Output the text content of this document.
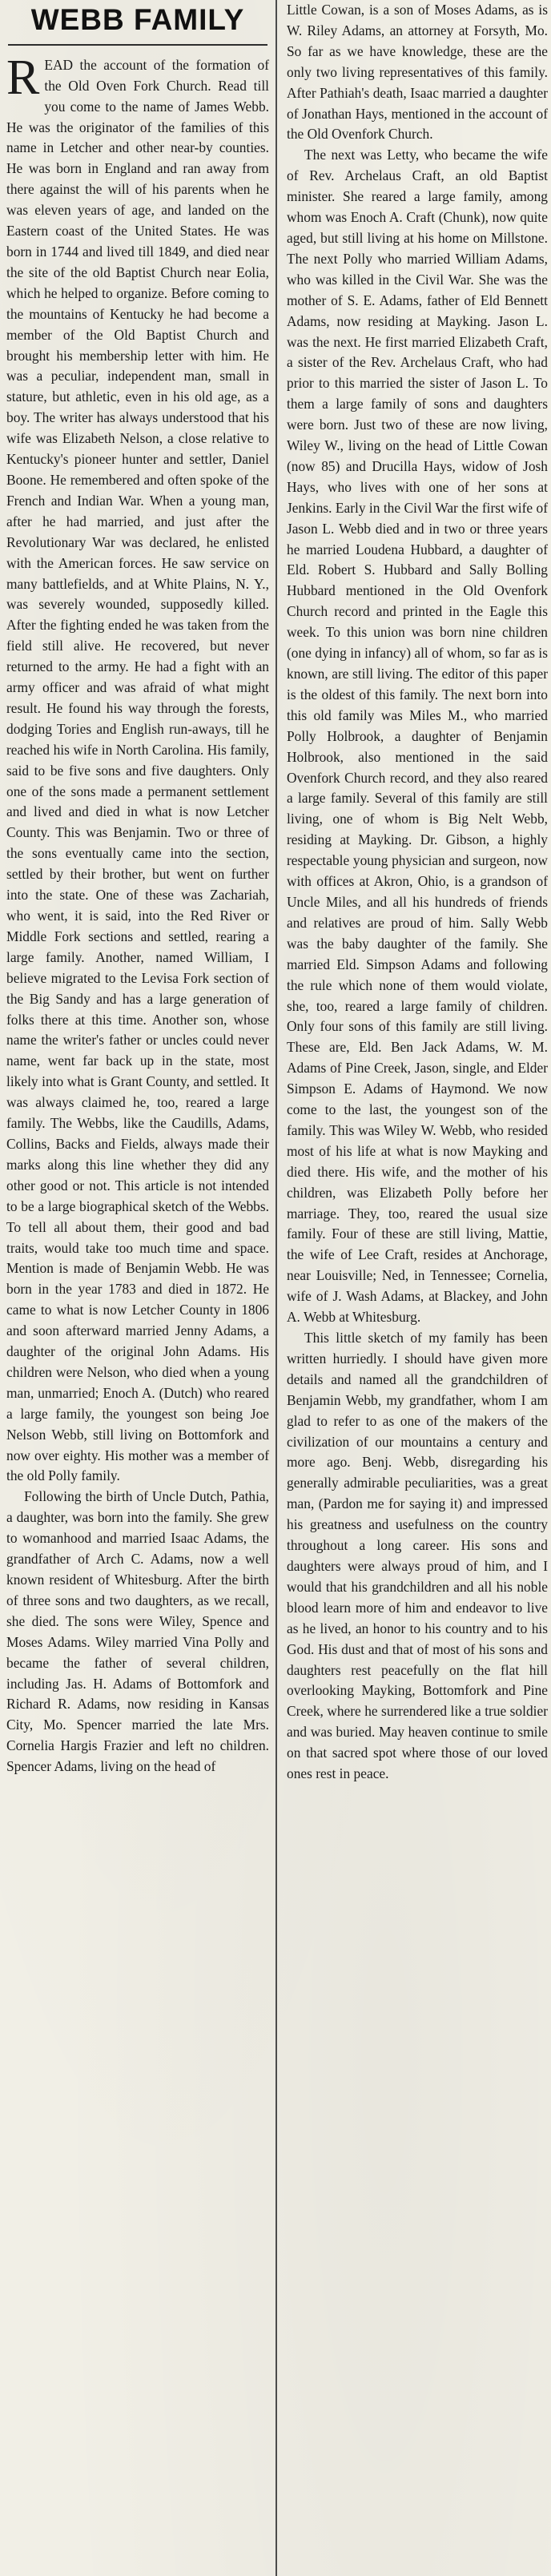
WEBB FAMILY

READ the account of the formation of the Old Oven Fork Church. Read till you come to the name of James Webb. He was the originator of the families of this name in Letcher and other near-by counties. He was born in England and ran away from there against the will of his parents when he was eleven years of age, and landed on the Eastern coast of the United States. He was born in 1744 and lived till 1849, and died near the site of the old Baptist Church near Eolia, which he helped to organize. Before coming to the mountains of Kentucky he had become a member of the Old Baptist Church and brought his membership letter with him. He was a peculiar, independent man, small in stature, but athletic, even in his old age, as a boy. The writer has always understood that his wife was Elizabeth Nelson, a close relative to Kentucky's pioneer hunter and settler, Daniel Boone. He remembered and often spoke of the French and Indian War. When a young man, after he had married, and just after the Revolutionary War was declared, he enlisted with the American forces. He saw service on many battlefields, and at White Plains, N. Y., was severely wounded, supposedly killed. After the fighting ended he was taken from the field still alive. He recovered, but never returned to the army. He had a fight with an army officer and was afraid of what might result. He found his way through the forests, dodging Tories and English run-aways, till he reached his wife in North Carolina. His family, said to be five sons and five daughters. Only one of the sons made a permanent settlement and lived and died in what is now Letcher County. This was Benjamin. Two or three of the sons eventually came into the section, settled by their brother, but went on further into the state. One of these was Zachariah, who went, it is said, into the Red River or Middle Fork sections and settled, rearing a large family. Another, named William, I believe migrated to the Levisa Fork section of the Big Sandy and has a large generation of folks there at this time. Another son, whose name the writer's father or uncles could never name, went far back up in the state, most likely into what is Grant County, and settled. It was always claimed he, too, reared a large family. The Webbs, like the Caudills, Adams, Collins, Backs and Fields, always made their marks along this line whether they did any other good or not. This article is not intended to be a large biographical sketch of the Webbs. To tell all about them, their good and bad traits, would take too much time and space. Mention is made of Benjamin Webb. He was born in the year 1783 and died in 1872. He came to what is now Letcher County in 1806 and soon afterward married Jenny Adams, a daughter of the original John Adams. His children were Nelson, who died when a young man, unmarried; Enoch A. (Dutch) who reared a large family, the youngest son being Joe Nelson Webb, still living on Bottomfork and now over eighty. His mother was a member of the old Polly family.

Following the birth of Uncle Dutch, Pathia, a daughter, was born into the family. She grew to womanhood and married Isaac Adams, the grandfather of Arch C. Adams, now a well known resident of Whitesburg. After the birth of three sons and two daughters, as we recall, she died. The sons were Wiley, Spence and Moses Adams. Wiley married Vina Polly and became the father of several children, including Jas. H. Adams of Bottomfork and Richard R. Adams, now residing in Kansas City, Mo. Spencer married the late Mrs. Cornelia Hargis Frazier and left no children. Spencer Adams, living on the head of

Little Cowan, is a son of Moses Adams, as is W. Riley Adams, an attorney at Forsyth, Mo. So far as we have knowledge, these are the only two living representatives of this family. After Pathiah's death, Isaac married a daughter of Jonathan Hays, mentioned in the account of the Old Ovenfork Church.

The next was Letty, who became the wife of Rev. Archelaus Craft, an old Baptist minister. She reared a large family, among whom was Enoch A. Craft (Chunk), now quite aged, but still living at his home on Millstone. The next Polly who married William Adams, who was killed in the Civil War. She was the mother of S. E. Adams, father of Eld Bennett Adams, now residing at Mayking. Jason L. was the next. He first married Elizabeth Craft, a sister of the Rev. Archelaus Craft, who had prior to this married the sister of Jason L. To them a large family of sons and daughters were born. Just two of these are now living, Wiley W., living on the head of Little Cowan (now 85) and Drucilla Hays, widow of Josh Hays, who lives with one of her sons at Jenkins. Early in the Civil War the first wife of Jason L. Webb died and in two or three years he married Loudena Hubbard, a daughter of Eld. Robert S. Hubbard and Sally Bolling Hubbard mentioned in the Old Ovenfork Church record and printed in the Eagle this week. To this union was born nine children (one dying in infancy) all of whom, so far as is known, are still living. The editor of this paper is the oldest of this family. The next born into this old family was Miles M., who married Polly Holbrook, a daughter of Benjamin Holbrook, also mentioned in the said Ovenfork Church record, and they also reared a large family. Several of this family are still living, one of whom is Big Nelt Webb, residing at Mayking. Dr. Gibson, a highly respectable young physician and surgeon, now with offices at Akron, Ohio, is a grandson of Uncle Miles, and all his hundreds of friends and relatives are proud of him. Sally Webb was the baby daughter of the family. She married Eld. Simpson Adams and following the rule which none of them would violate, she, too, reared a large family of children. Only four sons of this family are still living. These are, Eld. Ben Jack Adams, W. M. Adams of Pine Creek, Jason, single, and Elder Simpson E. Adams of Haymond. We now come to the last, the youngest son of the family. This was Wiley W. Webb, who resided most of his life at what is now Mayking and died there. His wife, and the mother of his children, was Elizabeth Polly before her marriage. They, too, reared the usual size family. Four of these are still living, Mattie, the wife of Lee Craft, resides at Anchorage, near Louisville; Ned, in Tennessee; Cornelia, wife of J. Wash Adams, at Blackey, and John A. Webb at Whitesburg.

This little sketch of my family has been written hurriedly. I should have given more details and named all the grandchildren of Benjamin Webb, my grandfather, whom I am glad to refer to as one of the makers of the civilization of our mountains a century and more ago. Benj. Webb, disregarding his generally admirable peculiarities, was a great man, (Pardon me for saying it) and impressed his greatness and usefulness on the country throughout a long career. His sons and daughters were always proud of him, and I would that his grandchildren and all his noble blood learn more of him and endeavor to live as he lived, an honor to his country and to his God. His dust and that of most of his sons and daughters rest peacefully on the flat hill overlooking Mayking, Bottomfork and Pine Creek, where he surrendered like a true soldier and was buried. May heaven continue to smile on that sacred spot where those of our loved ones rest in peace.
